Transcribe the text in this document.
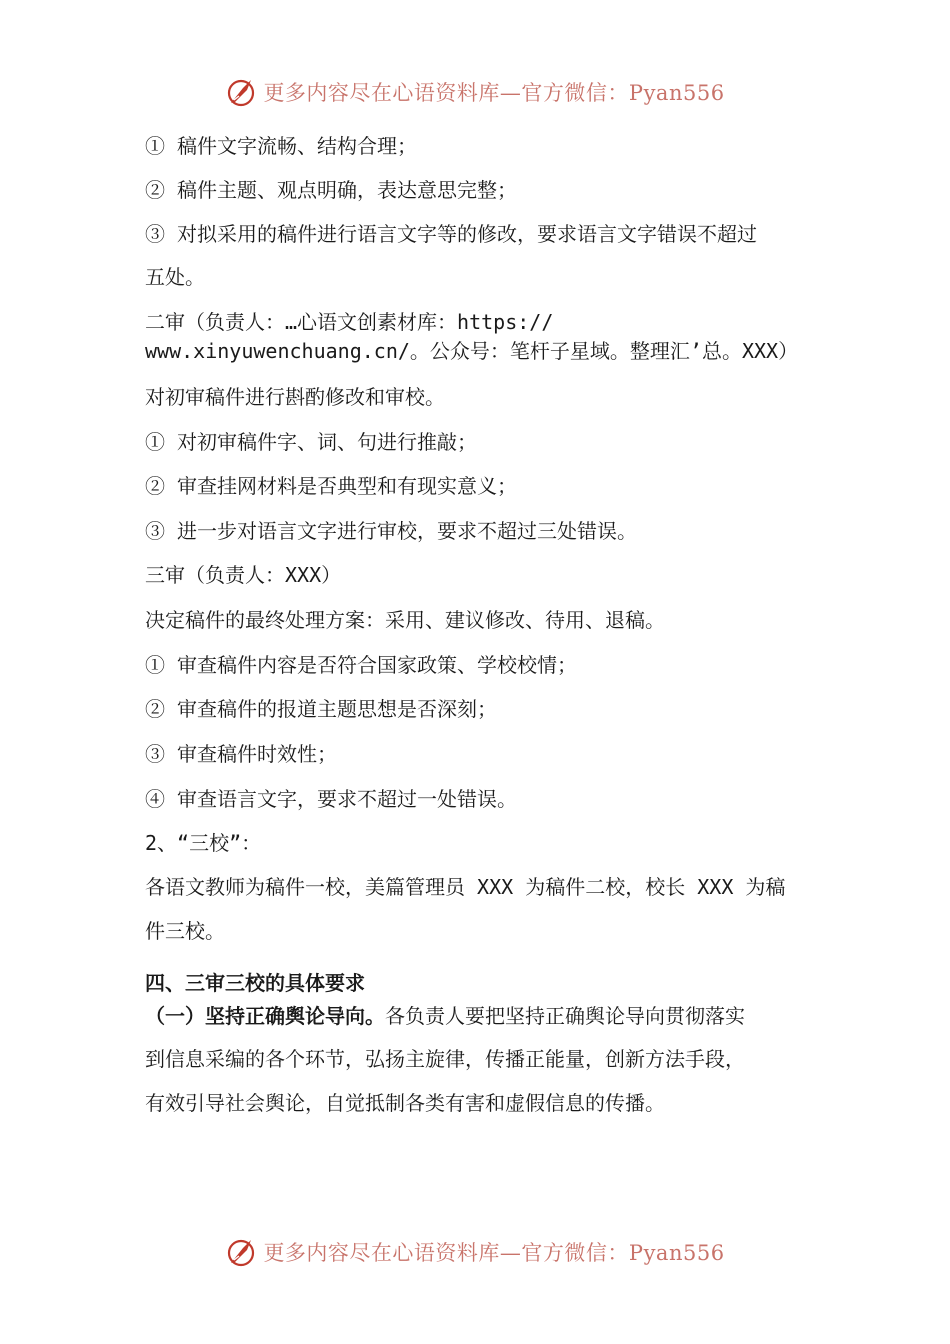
更多内容尽在心语资料库—官方微信：Pyan556
① 稿件文字流畅、结构合理；
② 稿件主题、观点明确，表达意思完整；
③ 对拟采用的稿件进行语言文字等的修改，要求语言文字错误不超过
五处。
二审（负责人：…心语文创素材库：https://
www.xinyuwenchuang.cn/。公众号：笔杆子星域。整理汇’总。XXX）
对初审稿件进行斟酌修改和审校。
① 对初审稿件字、词、句进行推敲；
② 审查挂网材料是否典型和有现实意义；
③ 进一步对语言文字进行审校，要求不超过三处错误。
三审（负责人：XXX）
决定稿件的最终处理方案：采用、建议修改、待用、退稿。
① 审查稿件内容是否符合国家政策、学校校情；
② 审查稿件的报道主题思想是否深刻；
③ 审查稿件时效性；
④ 审查语言文字，要求不超过一处错误。
2、“三校”：
各语文教师为稿件一校，美篇管理员 XXX 为稿件二校，校长 XXX 为稿
件三校。
四、三审三校的具体要求
（一）坚持正确舆论导向。各负责人要把坚持正确舆论导向贯彻落实
到信息采编的各个环节，弘扬主旋律，传播正能量，创新方法手段，
有效引导社会舆论，自觉抵制各类有害和虚假信息的传播。
更多内容尽在心语资料库—官方微信：Pyan556
